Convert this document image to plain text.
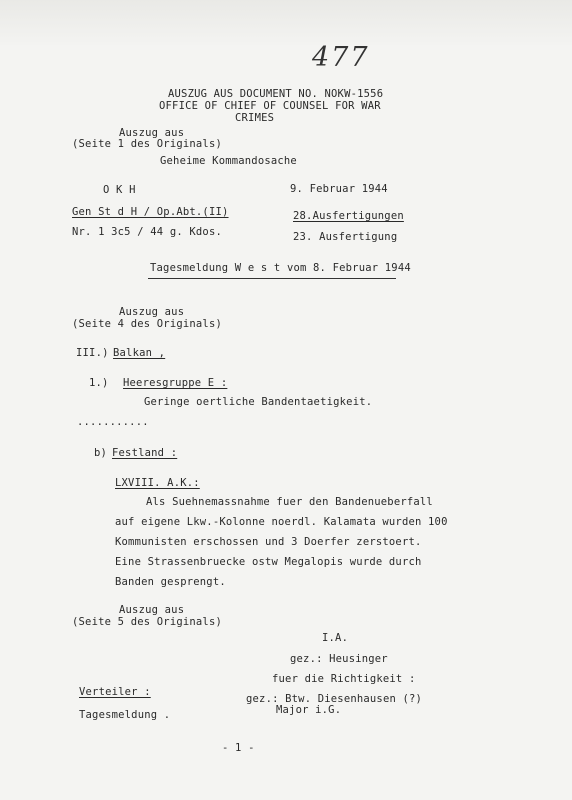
477
AUSZUG AUS DOCUMENT NO. NOKW-1556
OFFICE OF CHIEF OF COUNSEL FOR WAR
CRIMES
Auszug aus
(Seite 1 des Originals)
Geheime Kommandosache
O K H
Gen St d H / Op.Abt.(II)
Nr. 1 3c5 / 44 g. Kdos.
9. Februar 1944
28.Ausfertigungen
23. Ausfertigung
Tagesmeldung W e s t vom 8. Februar 1944
Auszug aus
(Seite 4 des Originals)
III.) Balkan ,
1.) Heeresgruppe E :
Geringe oertliche Bandentaetigkeit.
...........
b) Festland :
LXVIII. A.K.:
Als Suehnemassnahme fuer den Bandenueberfall
auf eigene Lkw.-Kolonne noerdl. Kalamata wurden 100
Kommunisten erschossen und 3 Doerfer zerstoert.
Eine Strassenbruecke ostw Megalopis wurde durch
Banden gesprengt.
Auszug aus
(Seite 5 des Originals)
I.A.
gez.: Heusinger
fuer die Richtigkeit :
gez.: Btw. Diesenhausen (?)
Major i.G.
Verteiler :
Tagesmeldung .
- 1 -
